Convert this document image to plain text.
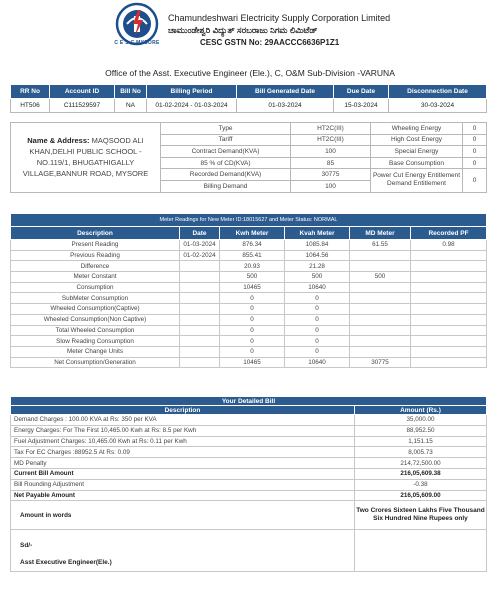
C E S C MYSORE
Chamundeshwari Electricity Supply Corporation Limited
ಚಾಮುಂಡೇಶ್ವರಿ ವಿದ್ಯುತ್ ಸರಬರಾಜು ನಿಗಮ ಲಿಮಿಟೆಡ್
CESC GSTN No: 29AACCC6636P1Z1
Office of the Asst. Executive Engineer (Ele.), C, O&M Sub-Division -VARUNA
RR No	Account ID	Bill No	Billing Period	Bill Generated Date	Due Date	Disconnection Date
HT506	C111529597	NA	01-02-2024 - 01-03-2024	01-03-2024	15-03-2024	30-03-2024
Name & Address: MAQSOOD ALI KHAN,DELHI PUBLIC SCHOOL - NO.119/1, BHUGATHIGALLY VILLAGE,BANNUR ROAD, MYSORE	Type	HT2C(III)	Wheeling Energy	0
	Tariff	HT2C(III)	High Cost Energy	0
	Contract Demand(KVA)	100	Special Energy	0
	85 % of CD(KVA)	85	Base Consumption	0
	Recorded Demand(KVA)	30775	Power Cut Energy Entitlement Demand Entitlement	0
	Billing Demand	100		
Meter Readings for New Meter ID:18015627 and Meter Status: NORMAL					
Description	Date	Kwh Meter	Kvah Meter	MD Meter	Recorded PF
Present Reading	01-03-2024	876.34	1085.84	61.55	0.98
Previous Reading	01-02-2024	855.41	1064.56		
Difference		20.93	21.28		
Meter Constant		500	500	500	
Consumption		10465	10640		
SubMeter Consumption		0	0		
Wheeled Consumption(Captive)		0	0		
Wheeled Consumption(Non Captive)		0	0		
Total Wheeled Consumption		0	0		
Slow Reading Consumption		0	0		
Meter Change Units		0	0		
Net Consumption/Generation		10465	10640	30775	
Your Detailed Bill	
Description	Amount (Rs.)
Demand Charges : 100.00 KVA at Rs: 350 per KVA	35,000.00
Energy Charges: For The First 10,465.00 Kwh at Rs: 8.5 per Kwh	88,952.50
Fuel Adjustment Charges: 10,465.00 Kwh at Rs: 0.11 per Kwh	1,151.15
Tax For EC Charges :88952.5 At Rs: 0.09	8,005.73
MD Penalty	214,72,500.00
Current Bill Amount	216,05,609.38
Bill Rounding Adjustment	-0.38
Net Payable Amount	216,05,609.00
Amount in words	Two Crores Sixteen Lakhs Five Thousand Six Hundred Nine Rupees only

Sd/-
Asst Executive Engineer(Ele.)	
